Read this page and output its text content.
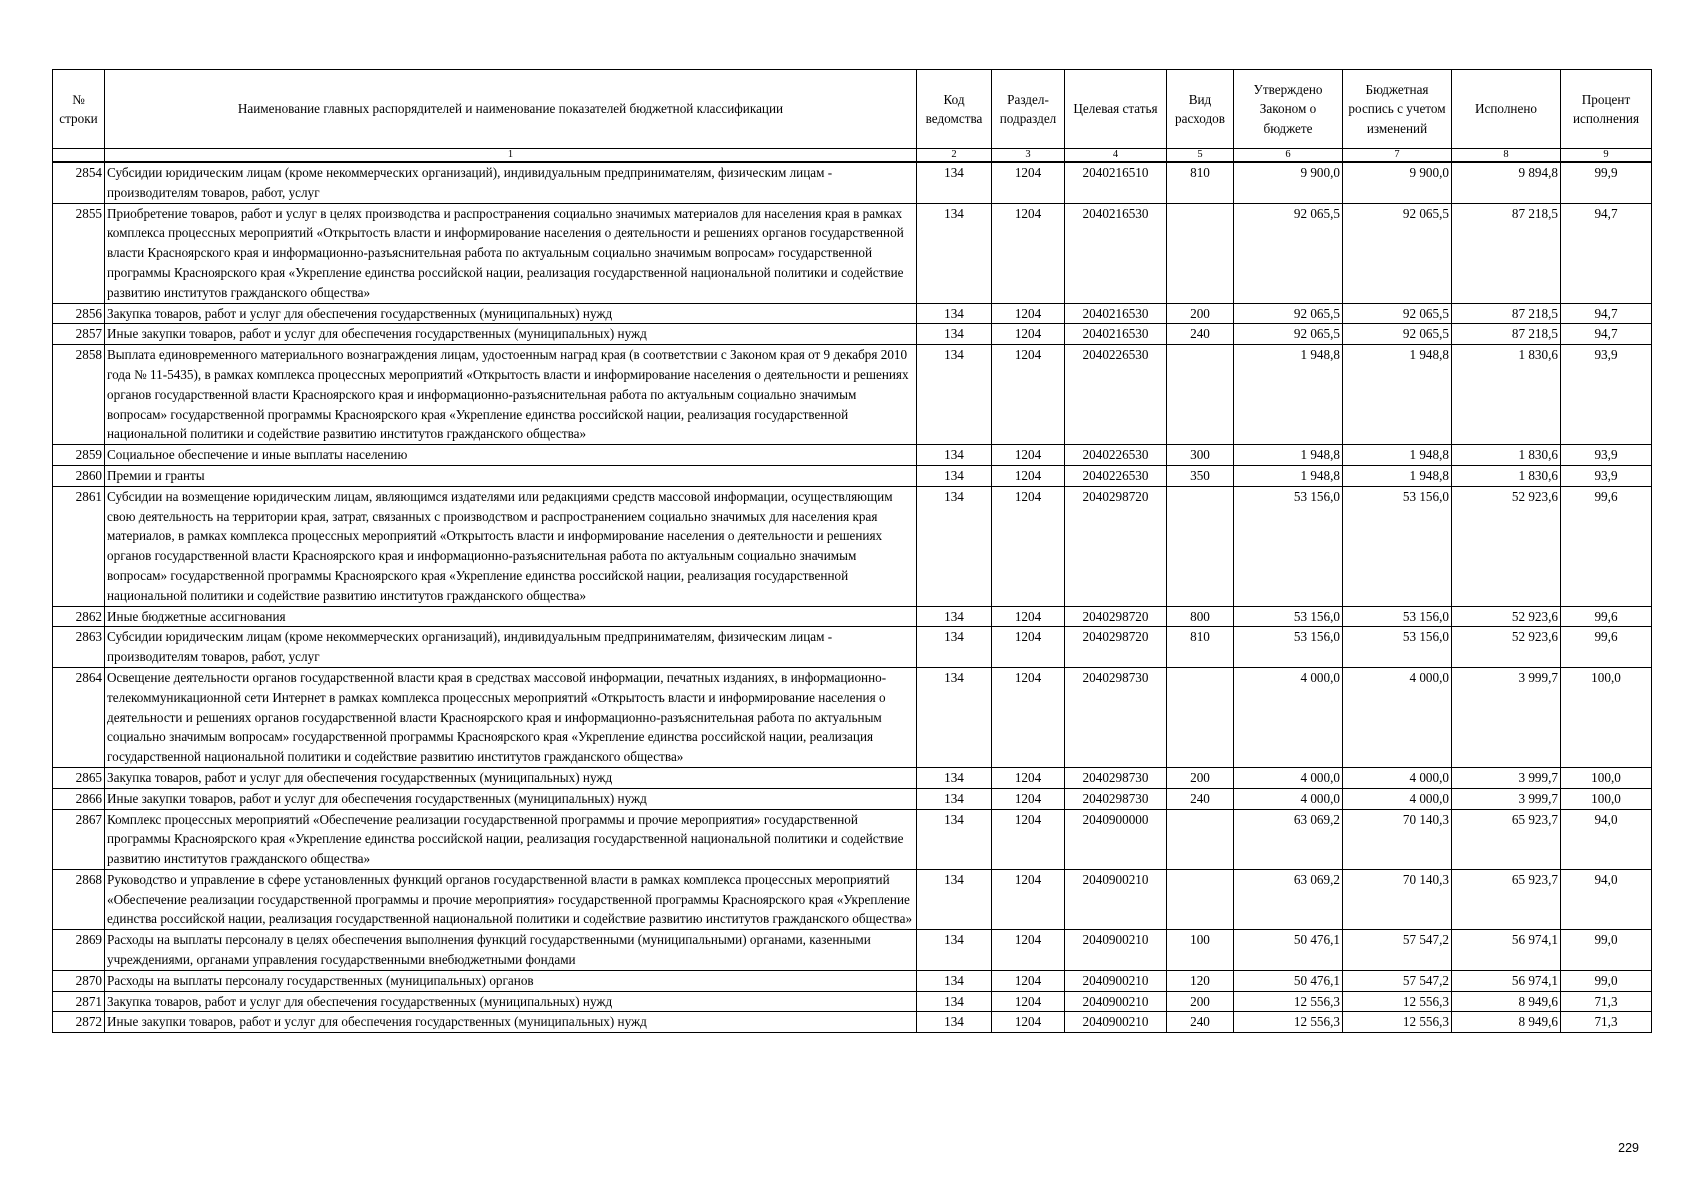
№ строки	Наименование главных распорядителей и наименование показателей бюджетной классификации	Код ведомства	Раздел-подраздел	Целевая статья	Вид расходов	Утверждено Законом о бюджете	Бюджетная роспись с учетом изменений	Исполнено	Процент исполнения
	1	2	3	4	5	6	7	8	9
2854	Субсидии юридическим лицам (кроме некоммерческих организаций), индивидуальным предпринимателям, физическим лицам - производителям товаров, работ, услуг	134	1204	2040216510	810	9 900,0	9 900,0	9 894,8	99,9
2855	Приобретение товаров, работ и услуг в целях производства и распространения социально значимых материалов для населения края в рамках комплекса процессных мероприятий «Открытость власти и информирование населения о деятельности и решениях органов государственной власти Красноярского края и информационно-разъяснительная работа по актуальным социально значимым вопросам» государственной программы Красноярского края «Укрепление единства российской нации, реализация государственной национальной политики и содействие развитию институтов гражданского общества»	134	1204	2040216530		92 065,5	92 065,5	87 218,5	94,7
2856	Закупка товаров, работ и услуг для обеспечения государственных (муниципальных) нужд	134	1204	2040216530	200	92 065,5	92 065,5	87 218,5	94,7
2857	Иные закупки товаров, работ и услуг для обеспечения государственных (муниципальных) нужд	134	1204	2040216530	240	92 065,5	92 065,5	87 218,5	94,7
2858	Выплата единовременного материального вознаграждения лицам, удостоенным наград края (в соответствии с Законом края от 9 декабря 2010 года № 11-5435), в рамках комплекса процессных мероприятий «Открытость власти и информирование населения о деятельности и решениях органов государственной власти Красноярского края и информационно-разъяснительная работа по актуальным социально значимым вопросам» государственной программы Красноярского края «Укрепление единства российской нации, реализация государственной национальной политики и содействие развитию институтов гражданского общества»	134	1204	2040226530		1 948,8	1 948,8	1 830,6	93,9
2859	Социальное обеспечение и иные выплаты населению	134	1204	2040226530	300	1 948,8	1 948,8	1 830,6	93,9
2860	Премии и гранты	134	1204	2040226530	350	1 948,8	1 948,8	1 830,6	93,9
2861	Субсидии на возмещение юридическим лицам, являющимся издателями или редакциями средств массовой информации, осуществляющим свою деятельность на территории края, затрат, связанных с производством и распространением социально значимых для населения края материалов, в рамках комплекса процессных мероприятий «Открытость власти и информирование населения о деятельности и решениях органов государственной власти Красноярского края и информационно-разъяснительная работа по актуальным социально значимым вопросам» государственной программы Красноярского края «Укрепление единства российской нации, реализация государственной национальной политики и содействие развитию институтов гражданского общества»	134	1204	2040298720		53 156,0	53 156,0	52 923,6	99,6
2862	Иные бюджетные ассигнования	134	1204	2040298720	800	53 156,0	53 156,0	52 923,6	99,6
2863	Субсидии юридическим лицам (кроме некоммерческих организаций), индивидуальным предпринимателям, физическим лицам - производителям товаров, работ, услуг	134	1204	2040298720	810	53 156,0	53 156,0	52 923,6	99,6
2864	Освещение деятельности органов государственной власти края в средствах массовой информации, печатных изданиях, в информационно-телекоммуникационной сети Интернет в рамках комплекса процессных мероприятий «Открытость власти и информирование населения о деятельности и решениях органов государственной власти Красноярского края и информационно-разъяснительная работа по актуальным социально значимым вопросам» государственной программы Красноярского края «Укрепление единства российской нации, реализация государственной национальной политики и содействие развитию институтов гражданского общества»	134	1204	2040298730		4 000,0	4 000,0	3 999,7	100,0
2865	Закупка товаров, работ и услуг для обеспечения государственных (муниципальных) нужд	134	1204	2040298730	200	4 000,0	4 000,0	3 999,7	100,0
2866	Иные закупки товаров, работ и услуг для обеспечения государственных (муниципальных) нужд	134	1204	2040298730	240	4 000,0	4 000,0	3 999,7	100,0
2867	Комплекс процессных мероприятий «Обеспечение реализации государственной программы и прочие мероприятия» государственной программы Красноярского края «Укрепление единства российской нации, реализация государственной национальной политики и содействие развитию институтов гражданского общества»	134	1204	2040900000		63 069,2	70 140,3	65 923,7	94,0
2868	Руководство и управление в сфере установленных функций органов государственной власти в рамках комплекса процессных мероприятий «Обеспечение реализации государственной программы и прочие мероприятия» государственной программы Красноярского края «Укрепление единства российской нации, реализация государственной национальной политики и содействие развитию институтов гражданского общества»	134	1204	2040900210		63 069,2	70 140,3	65 923,7	94,0
2869	Расходы на выплаты персоналу в целях обеспечения выполнения функций государственными (муниципальными) органами, казенными учреждениями, органами управления государственными внебюджетными фондами	134	1204	2040900210	100	50 476,1	57 547,2	56 974,1	99,0
2870	Расходы на выплаты персоналу государственных (муниципальных) органов	134	1204	2040900210	120	50 476,1	57 547,2	56 974,1	99,0
2871	Закупка товаров, работ и услуг для обеспечения государственных (муниципальных) нужд	134	1204	2040900210	200	12 556,3	12 556,3	8 949,6	71,3
2872	Иные закупки товаров, работ и услуг для обеспечения государственных (муниципальных) нужд	134	1204	2040900210	240	12 556,3	12 556,3	8 949,6	71,3
229
